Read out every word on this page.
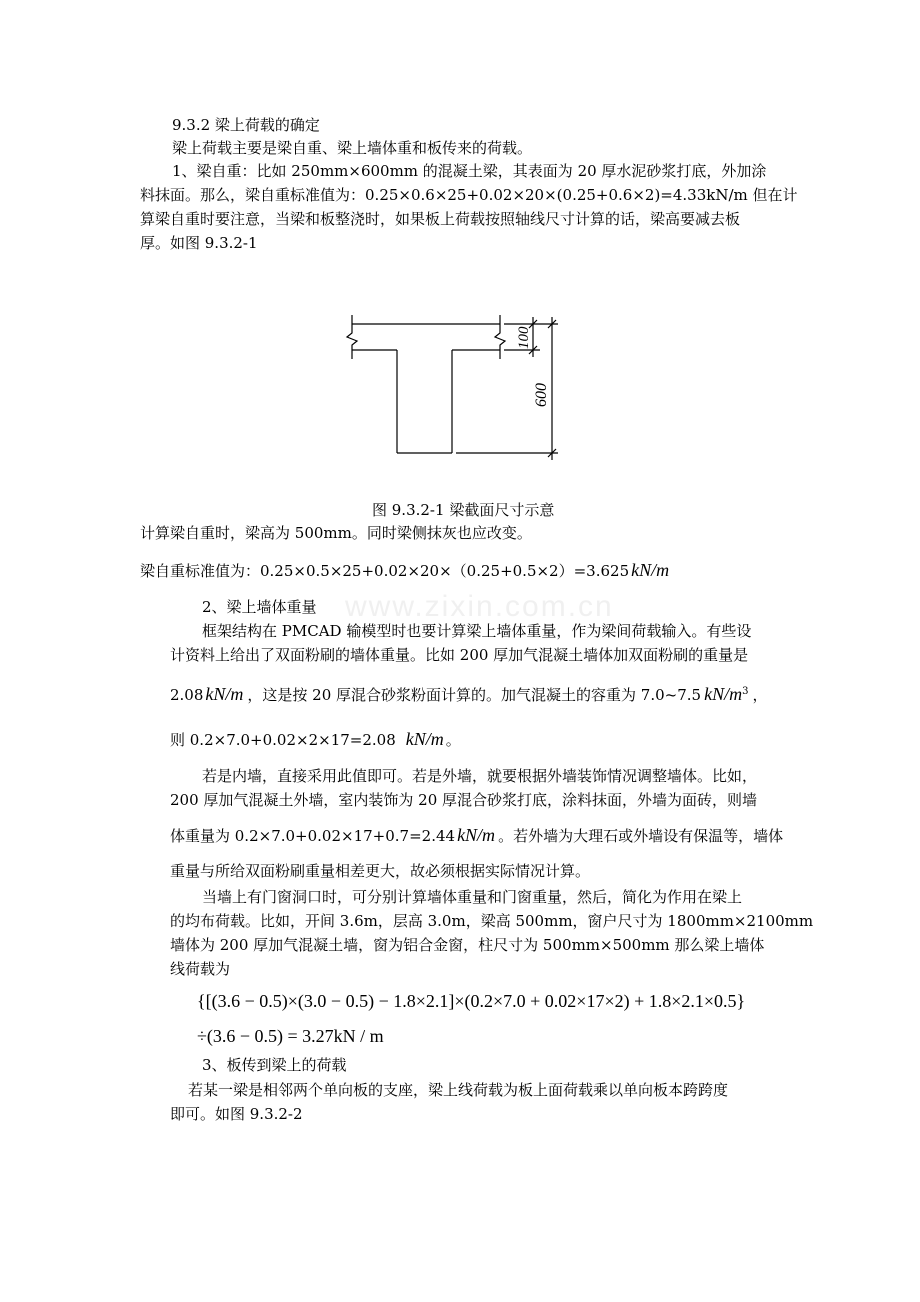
www.zixin.com.cn
9.3.2 梁上荷载的确定
梁上荷载主要是梁自重、梁上墙体重和板传来的荷载。
1、梁自重：比如 250mm×600mm 的混凝土梁，其表面为 20 厚水泥砂浆打底，外加涂
料抹面。那么，梁自重标准值为：0.25×0.6×25+0.02×20×(0.25+0.6×2)=4.33kN/m 但在计
算梁自重时要注意，当梁和板整浇时，如果板上荷载按照轴线尺寸计算的话，梁高要减去板
厚。如图 9.3.2-1
100
600
图 9.3.2-1 梁截面尺寸示意
计算梁自重时，梁高为 500mm。同时梁侧抹灰也应改变。
梁自重标准值为：0.25×0.5×25+0.02×20×（0.25+0.5×2）=3.625 kN/m
2、梁上墙体重量
框架结构在 PMCAD 输模型时也要计算梁上墙体重量，作为梁间荷载输入。有些设
计资料上给出了双面粉刷的墙体重量。比如 200 厚加气混凝土墙体加双面粉刷的重量是
2.08 kN/m ，这是按 20 厚混合砂浆粉面计算的。加气混凝土的容重为 7.0~7.5 $kN/m^3$ ，
则 0.2×7.0+0.02×2×17=2.08 kN/m 。
若是内墙，直接采用此值即可。若是外墙，就要根据外墙装饰情况调整墙体。比如，
200 厚加气混凝土外墙，室内装饰为 20 厚混合砂浆打底，涂料抹面，外墙为面砖，则墙
体重量为 0.2×7.0+0.02×17+0.7=2.44 kN/m 。若外墙为大理石或外墙设有保温等，墙体
重量与所给双面粉刷重量相差更大，故必须根据实际情况计算。
当墙上有门窗洞口时，可分别计算墙体重量和门窗重量，然后，简化为作用在梁上
的均布荷载。比如，开间 3.6m，层高 3.0m，梁高 500mm，窗户尺寸为 1800mm×2100mm
墙体为 200 厚加气混凝土墙，窗为铝合金窗，柱尺寸为 500mm×500mm 那么梁上墙体
线荷载为
{[(3.6 − 0.5)×(3.0 − 0.5) − 1.8×2.1]×(0.2×7.0 + 0.02×17×2) + 1.8×2.1×0.5}
÷(3.6 − 0.5) = 3.27kN / m
3、板传到梁上的荷载
若某一梁是相邻两个单向板的支座，梁上线荷载为板上面荷载乘以单向板本跨跨度
即可。如图 9.3.2-2
